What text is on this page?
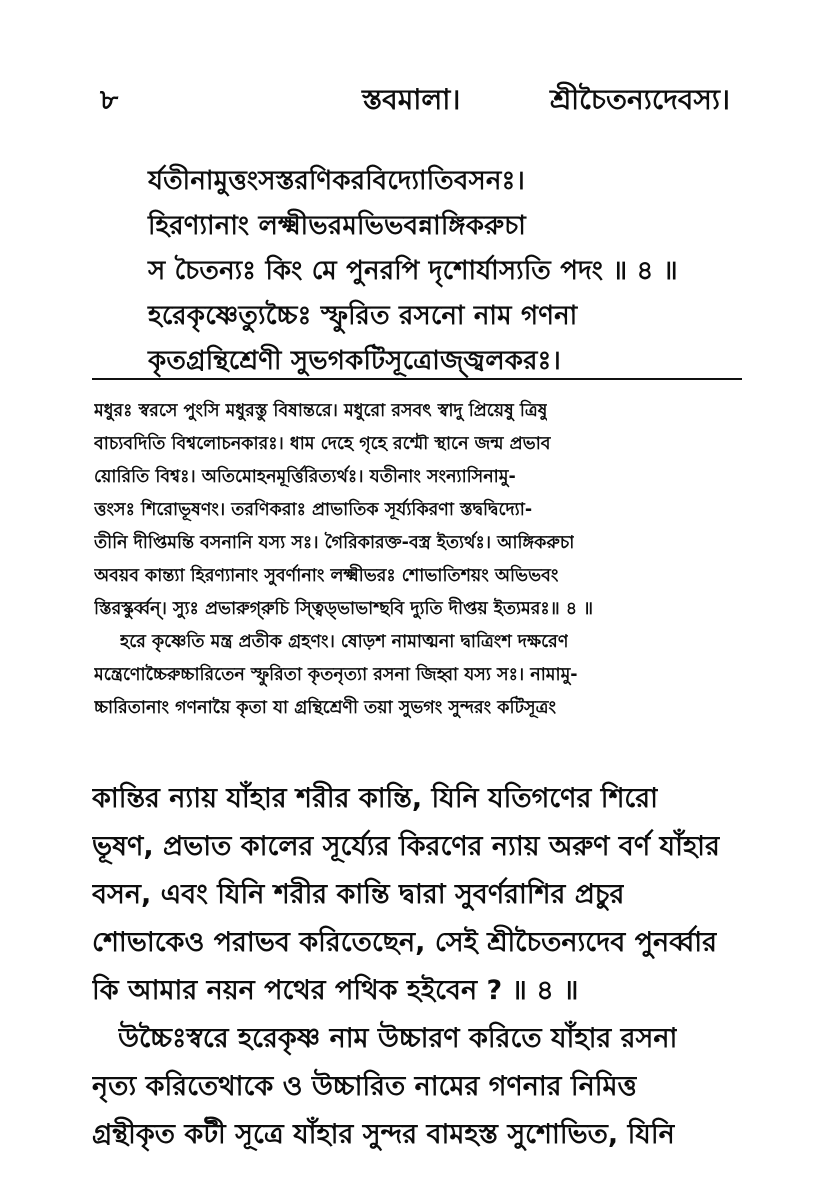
৮	স্তবমালা।	শ্রীচৈতন্যদেবস্য।
র্যতীনামুত্তংসস্তরণিকরবিদ্যোতিবসনঃ।
হিরণ্যানাং লক্ষ্মীভরমভিভবন্নাঙ্গিকরুচা
স চৈতন্যঃ কিং মে পুনরপি দৃশোর্যাস্যতি পদং ॥ ৪ ॥
হরেকৃষ্ণেত্যুচ্চৈঃ স্ফুরিত রসনো নাম গণনা
কৃতগ্রন্থিশ্রেণী সুভগকটিসূত্রোজ্জ্বলকরঃ।
মধুরঃ স্বরসে পুংসি মধুরস্তু বিষান্তরে। মধুরো রসবৎ স্বাদু প্রিয়েষু ত্রিষু
বাচ্যবদিতি বিশ্বলোচনকারঃ। ধাম দেহে গৃহে রশ্মৌ স্থানে জন্ম প্রভাব
য়োরিতি বিশ্বঃ। অতিমোহনমূর্ত্তিরিত্যর্থঃ। যতীনাং সংন্যাসিনামু-
ত্তংসঃ শিরোভূষণং। তরণিকরাঃ প্রাভাতিক সূর্য্যকিরণা স্তদ্বদ্বিদ্যো-
তীনি দীপ্তিমন্তি বসনানি যস্য সঃ। গৈরিকারক্ত-বস্ত্র ইত্যর্থঃ। আঙ্গিকরুচা
অবয়ব কান্ত্যা হিরণ্যানাং সুবর্ণানাং লক্ষ্মীভরঃ শোভাতিশয়ং অভিভবং
স্তিরস্কুর্ব্বন্। স্যুঃ প্রভারুগ্‌রুচি স্ত্বিড্ভাভাশ্ছবি দ্যুতি দীপ্তয় ইত্যমরঃ॥ ৪ ॥
হরে কৃষ্ণেতি মন্ত্র প্রতীক গ্রহণং। ষোড়শ নামাত্মনা দ্বাত্রিংশ দক্ষরেণ
মন্ত্রেণোচ্চৈরুচ্চারিতেন স্ফুরিতা কৃতনৃত্যা রসনা জিহ্বা যস্য সঃ। নামামু-
চ্চারিতানাং গণনায়ৈ কৃতা যা গ্রন্থিশ্রেণী তয়া সুভগং সুন্দরং কটিসূত্রং
কান্তির ন্যায় যাঁহার শরীর কান্তি, যিনি যতিগণের শিরো
ভূষণ, প্রভাত কালের সূর্য্যের কিরণের ন্যায় অরুণ বর্ণ যাঁহার
বসন, এবং যিনি শরীর কান্তি দ্বারা সুবর্ণরাশির প্রচুর
শোভাকেও পরাভব করিতেছেন, সেই শ্রীচৈতন্যদেব পুনর্ব্বার
কি আমার নয়ন পথের পথিক হইবেন ? ॥ ৪ ॥
উচ্চৈঃস্বরে হরেকৃষ্ণ নাম উচ্চারণ করিতে যাঁহার রসনা
নৃত্য করিতেথাকে ও উচ্চারিত নামের গণনার নিমিত্ত
গ্রন্থীকৃত কটী সূত্রে যাঁহার সুন্দর বামহস্ত সুশোভিত, যিনি
